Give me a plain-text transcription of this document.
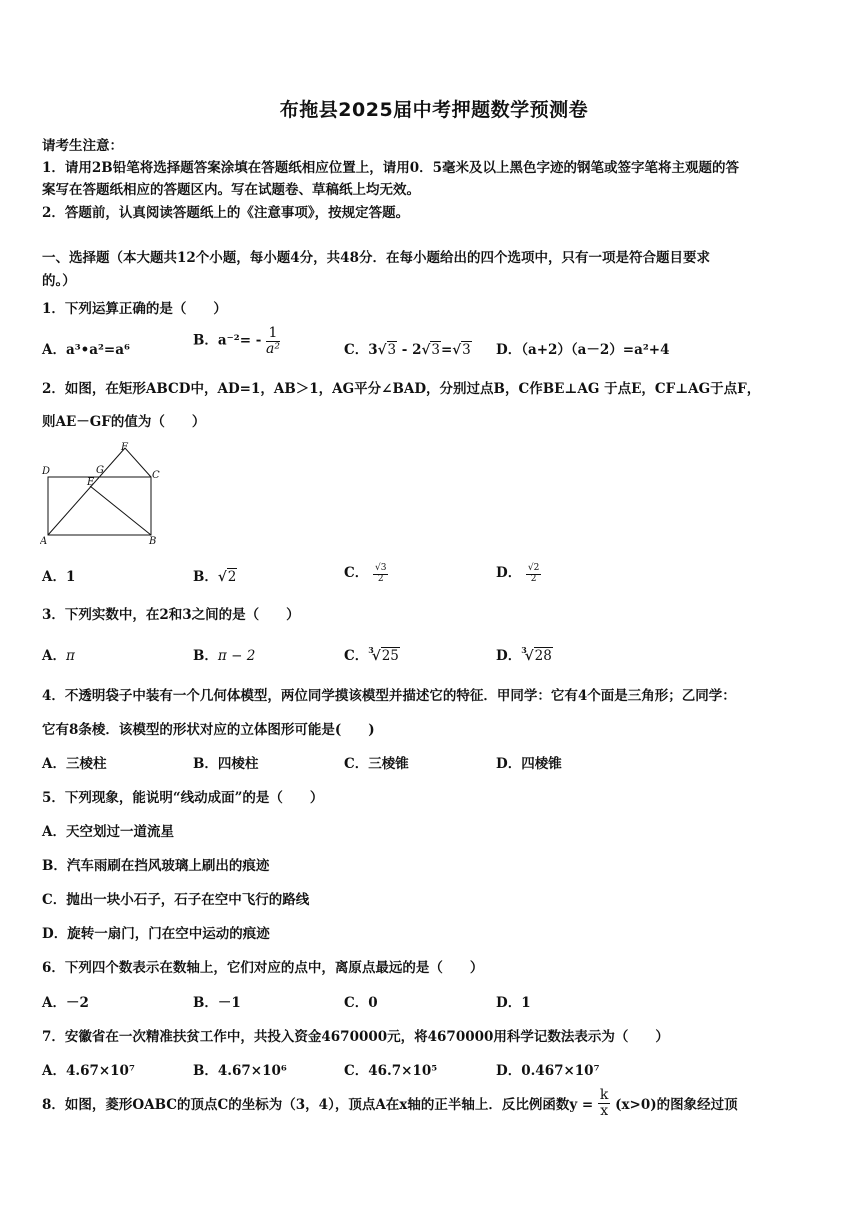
布拖县2025届中考押题数学预测卷
请考生注意：
1．请用2B铅笔将选择题答案涂填在答题纸相应位置上，请用0．5毫米及以上黑色字迹的钢笔或签字笔将主观题的答
案写在答题纸相应的答题区内。写在试题卷、草稿纸上均无效。
2．答题前，认真阅读答题纸上的《注意事项》，按规定答题。
一、选择题（本大题共12个小题，每小题4分，共48分．在每小题给出的四个选项中，只有一项是符合题目要求
的。）
1．下列运算正确的是（　　）
A．a³•a²=a⁶
B．$a^{-2}= - \frac{1}{\text{a²}}$	C．3√3 - 2√3=√3 D．（a+2）（a－2）=a²+4
2．如图，在矩形ABCD中，AD=1，AB＞1，AG平分∠BAD，分别过点B，C作BE⊥AG 于点E，CF⊥AG于点F，
则AE－GF的值为（　　）
D	G
F
C
E
A	B
A．1	B．√2	C． $\frac{√3}{2}$	D． $\frac{√2}{2}$
3．下列实数中，在2和3之间的是（　　）
A．π	B．π − 2	C．$^3$√25	D．$^3$√28
4．不透明袋子中装有一个几何体模型，两位同学摸该模型并描述它的特征．甲同学：它有4个面是三角形；乙同学：
它有8条棱．该模型的形状对应的立体图形可能是(　　)
A．三棱柱	B．四棱柱	C．三棱锥	D．四棱锥
5．下列现象，能说明“线动成面”的是（　　）
A．天空划过一道流星
B．汽车雨刷在挡风玻璃上刷出的痕迹
C．抛出一块小石子，石子在空中飞行的路线
D．旋转一扇门，门在空中运动的痕迹
6．下列四个数表示在数轴上，它们对应的点中，离原点最远的是（　　）
A．－2	B．－1	C．0	D．1
7．安徽省在一次精准扶贫工作中，共投入资金4670000元，将4670000用科学记数法表示为（　　）
A．4.67×10⁷	B．4.67×10⁶	C．46.7×10⁵	D．0.467×10⁷
8．如图，菱形OABC的顶点C的坐标为（3，4），顶点A在x轴的正半轴上．反比例函数$y = \frac{k}{x} (x>0)$的图象经过顶
